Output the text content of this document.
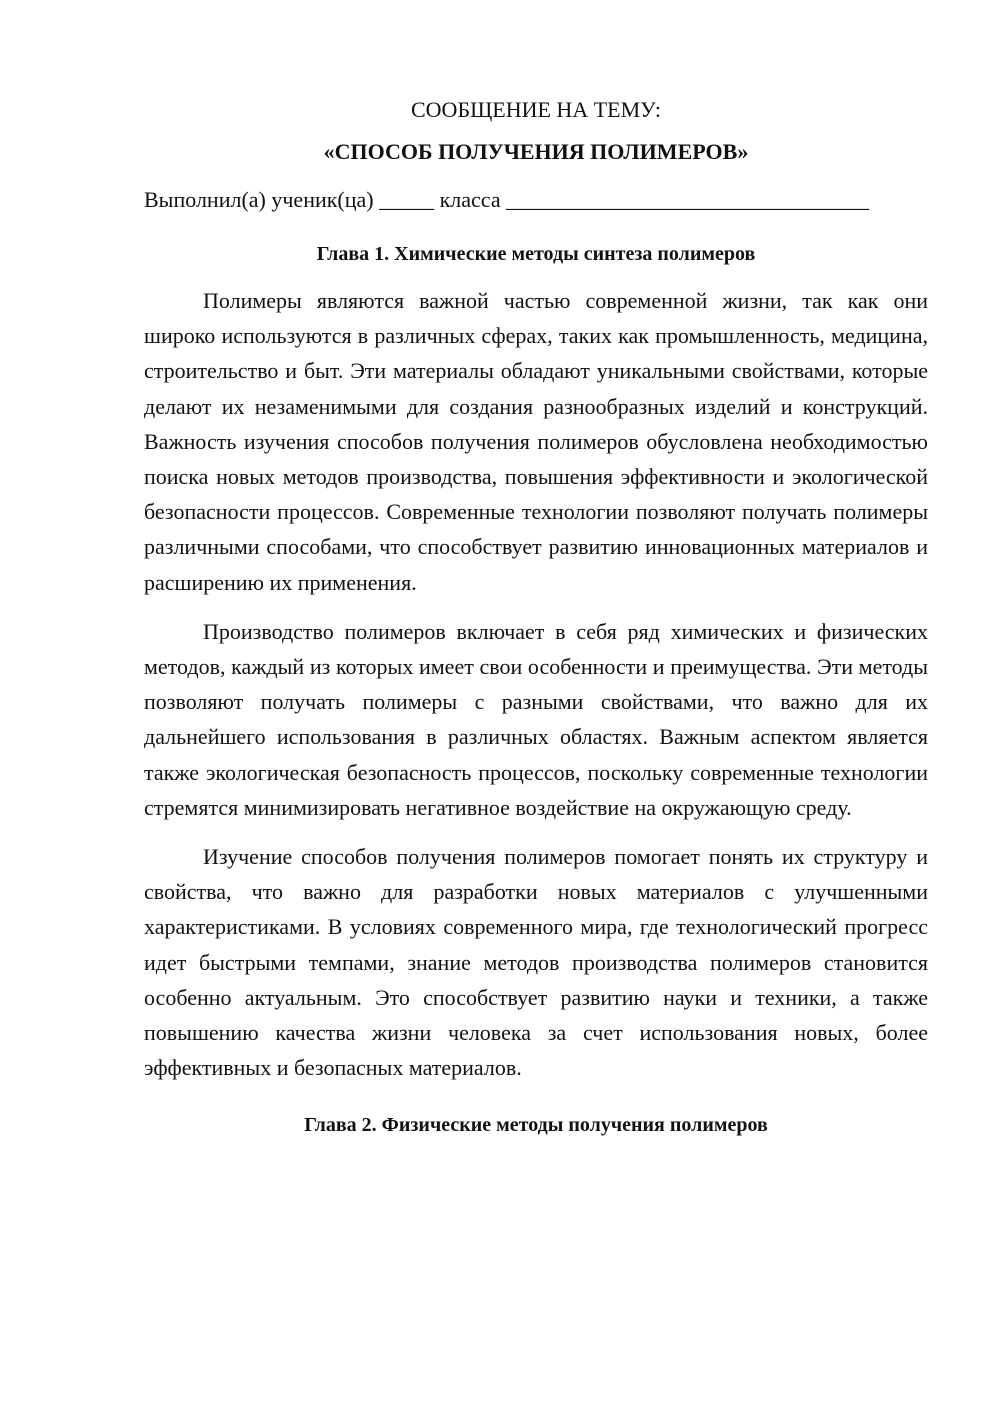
СООБЩЕНИЕ НА ТЕМУ:

«СПОСОБ ПОЛУЧЕНИЯ ПОЛИМЕРОВ»

Выполнил(а) ученик(ца) _____ класса _________________________________

Глава 1. Химические методы синтеза полимеров

Полимеры являются важной частью современной жизни, так как они широко используются в различных сферах, таких как промышленность, медицина, строительство и быт. Эти материалы обладают уникальными свойствами, которые делают их незаменимыми для создания разнообразных изделий и конструкций. Важность изучения способов получения полимеров обусловлена необходимостью поиска новых методов производства, повышения эффективности и экологической безопасности процессов. Современные технологии позволяют получать полимеры различными способами, что способствует развитию инновационных материалов и расширению их применения.

Производство полимеров включает в себя ряд химических и физических методов, каждый из которых имеет свои особенности и преимущества. Эти методы позволяют получать полимеры с разными свойствами, что важно для их дальнейшего использования в различных областях. Важным аспектом является также экологическая безопасность процессов, поскольку современные технологии стремятся минимизировать негативное воздействие на окружающую среду.

Изучение способов получения полимеров помогает понять их структуру и свойства, что важно для разработки новых материалов с улучшенными характеристиками. В условиях современного мира, где технологический прогресс идет быстрыми темпами, знание методов производства полимеров становится особенно актуальным. Это способствует развитию науки и техники, а также повышению качества жизни человека за счет использования новых, более эффективных и безопасных материалов.

Глава 2. Физические методы получения полимеров
